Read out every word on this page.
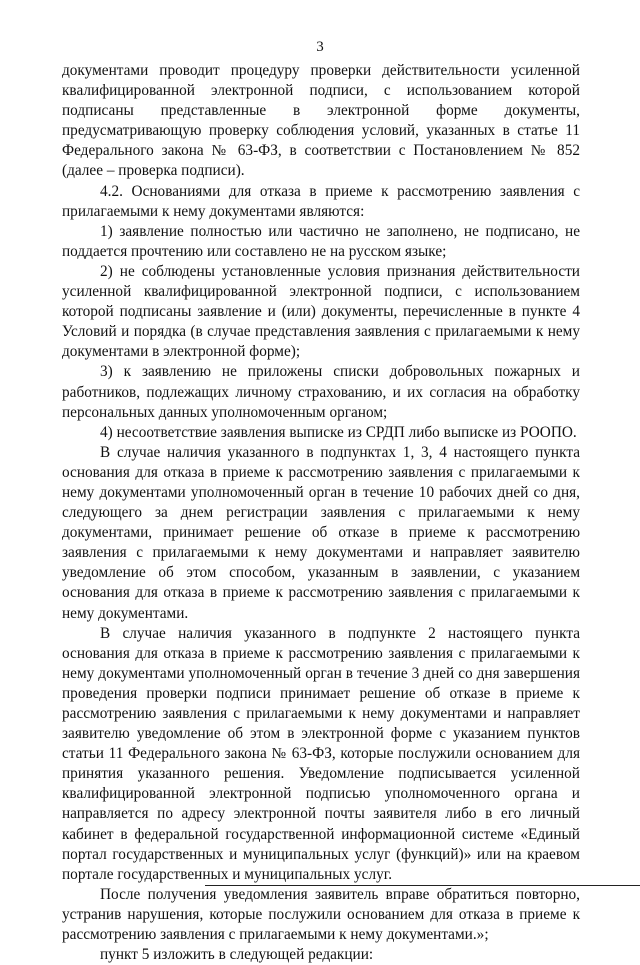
3

документами проводит процедуру проверки действительности усиленной квалифицированной электронной подписи, с использованием которой подписаны представленные в электронной форме документы, предусматривающую проверку соблюдения условий, указанных в статье 11 Федерального закона № 63-ФЗ, в соответствии с Постановлением № 852 (далее – проверка подписи).

4.2. Основаниями для отказа в приеме к рассмотрению заявления с прилагаемыми к нему документами являются:

1) заявление полностью или частично не заполнено, не подписано, не поддается прочтению или составлено не на русском языке;

2) не соблюдены установленные условия признания действительности усиленной квалифицированной электронной подписи, с использованием которой подписаны заявление и (или) документы, перечисленные в пункте 4 Условий и порядка (в случае представления заявления с прилагаемыми к нему документами в электронной форме);

3) к заявлению не приложены списки добровольных пожарных и работников, подлежащих личному страхованию, и их согласия на обработку персональных данных уполномоченным органом;

4) несоответствие заявления выписке из СРДП либо выписке из РООПО.

В случае наличия указанного в подпунктах 1, 3, 4 настоящего пункта основания для отказа в приеме к рассмотрению заявления с прилагаемыми к нему документами уполномоченный орган в течение 10 рабочих дней со дня, следующего за днем регистрации заявления с прилагаемыми к нему документами, принимает решение об отказе в приеме к рассмотрению заявления с прилагаемыми к нему документами и направляет заявителю уведомление об этом способом, указанным в заявлении, с указанием основания для отказа в приеме к рассмотрению заявления с прилагаемыми к нему документами.

В случае наличия указанного в подпункте 2 настоящего пункта основания для отказа в приеме к рассмотрению заявления с прилагаемыми к нему документами уполномоченный орган в течение 3 дней со дня завершения проведения проверки подписи принимает решение об отказе в приеме к рассмотрению заявления с прилагаемыми к нему документами и направляет заявителю уведомление об этом в электронной форме с указанием пунктов статьи 11 Федерального закона № 63-ФЗ, которые послужили основанием для принятия указанного решения. Уведомление подписывается усиленной квалифицированной электронной подписью уполномоченного органа и направляется по адресу электронной почты заявителя либо в его личный кабинет в федеральной государственной информационной системе «Единый портал государственных и муниципальных услуг (функций)» или на краевом портале государственных и муниципальных услуг.

После получения уведомления заявитель вправе обратиться повторно, устранив нарушения, которые послужили основанием для отказа в приеме к рассмотрению заявления с прилагаемыми к нему документами.»;

пункт 5 изложить в следующей редакции:
